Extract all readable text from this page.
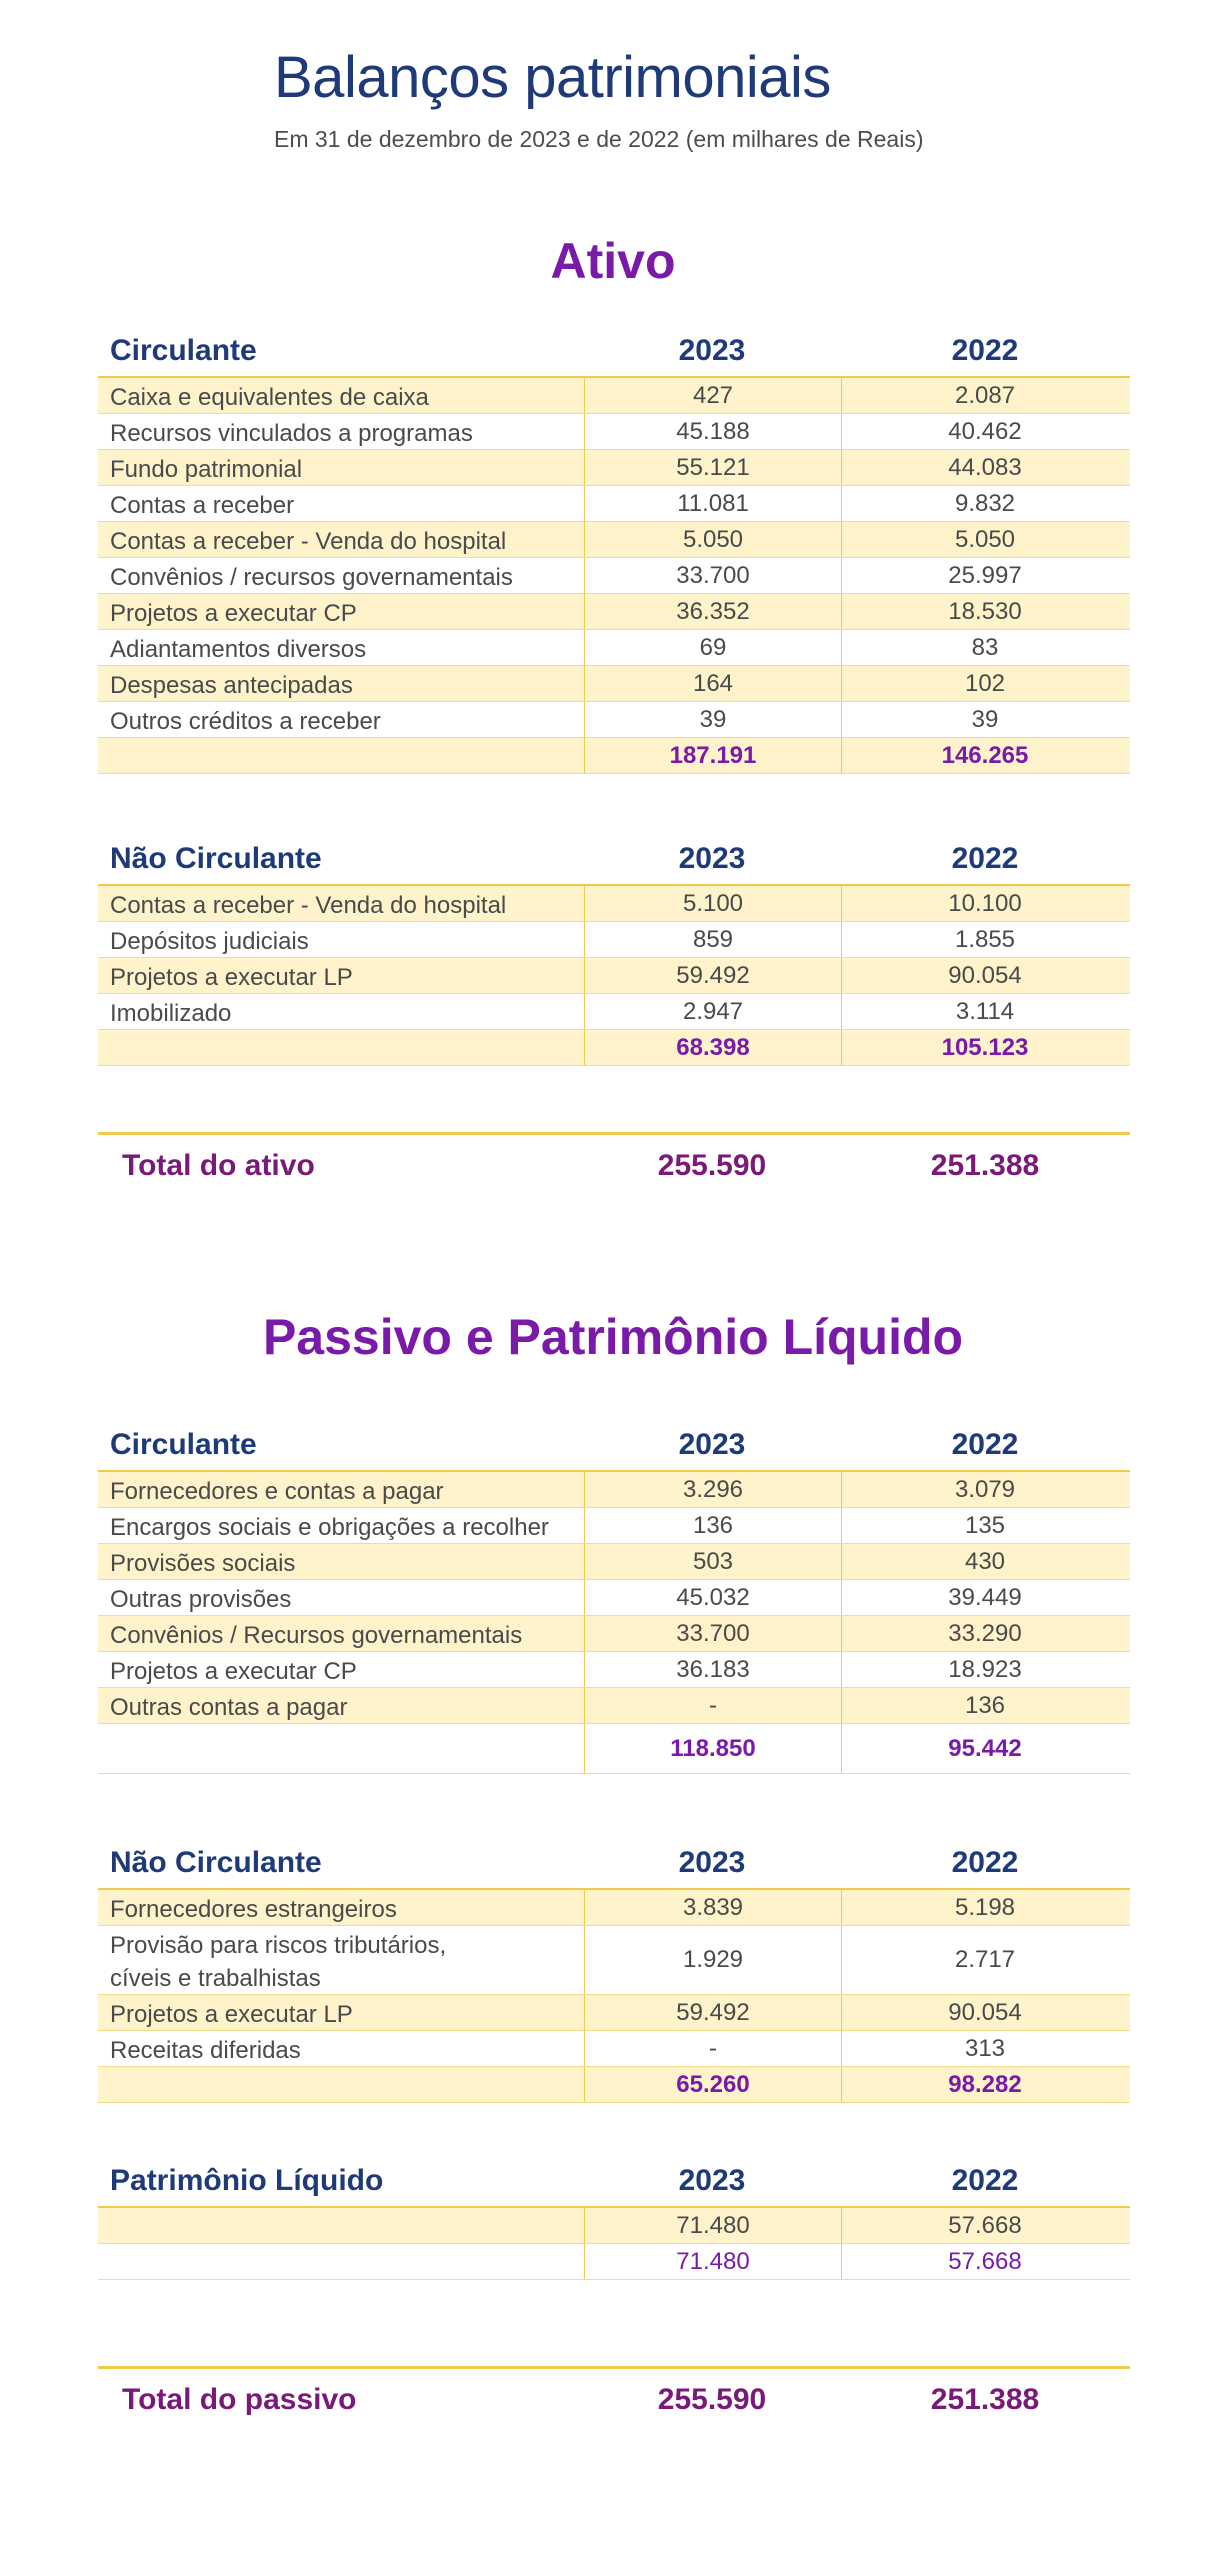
Balanços patrimoniais
Em 31 de dezembro de 2023 e de 2022 (em milhares de Reais)
Ativo
Circulante	2023	2022
Caixa e equivalentes de caixa	427	2.087
Recursos vinculados a programas	45.188	40.462
Fundo patrimonial	55.121	44.083
Contas a receber	11.081	9.832
Contas a receber - Venda do hospital	5.050	5.050
Convênios / recursos governamentais	33.700	25.997
Projetos a executar CP	36.352	18.530
Adiantamentos diversos	69	83
Despesas antecipadas	164	102
Outros créditos a receber	39	39
187.191	146.265
Não Circulante	2023	2022
Contas a receber - Venda do hospital	5.100	10.100
Depósitos judiciais	859	1.855
Projetos a executar LP	59.492	90.054
Imobilizado	2.947	3.114
68.398	105.123
Total do ativo	255.590	251.388
Passivo e Patrimônio Líquido
Circulante	2023	2022
Fornecedores e contas a pagar	3.296	3.079
Encargos sociais e obrigações a recolher	136	135
Provisões sociais	503	430
Outras provisões	45.032	39.449
Convênios / Recursos governamentais	33.700	33.290
Projetos a executar CP	36.183	18.923
Outras contas a pagar	-	136
118.850	95.442
Não Circulante	2023	2022
Fornecedores estrangeiros	3.839	5.198
Provisão para riscos tributários,
cíveis e trabalhistas
1.929	2.717
Projetos a executar LP	59.492	90.054
Receitas diferidas	-	313
65.260	98.282
Patrimônio Líquido	2023	2022
71.480	57.668
71.480	57.668
Total do passivo	255.590	251.388
